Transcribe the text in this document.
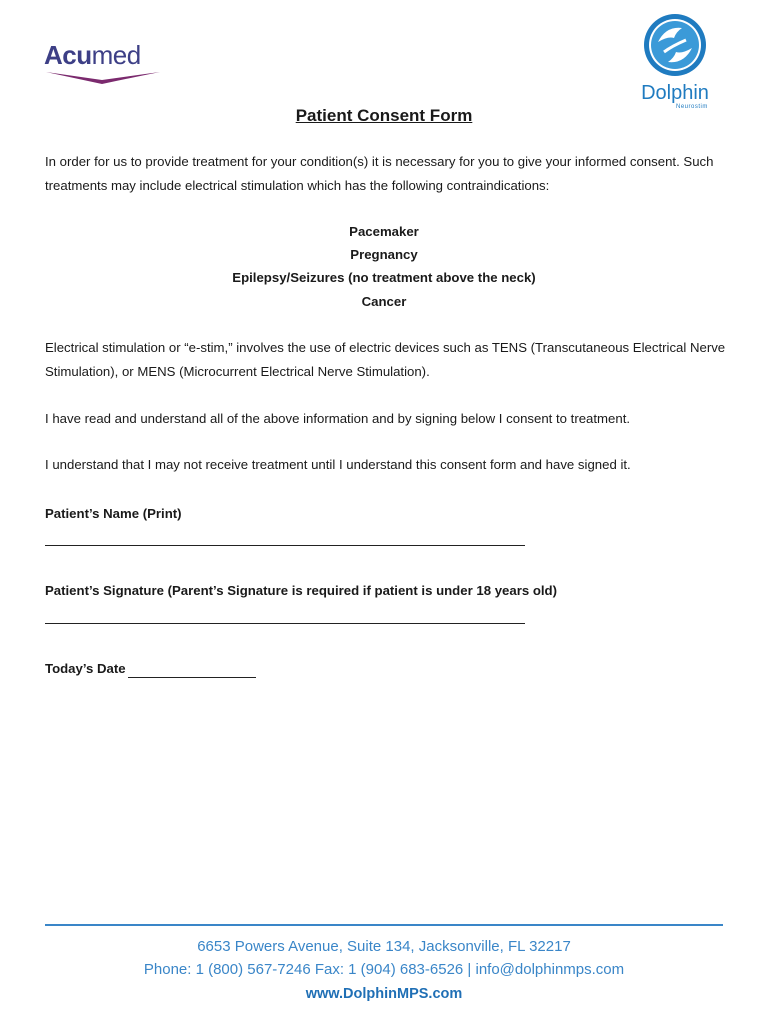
Acumed
Dolphin
Neurostim
Patient Consent Form
In order for us to provide treatment for your condition(s) it is necessary for you to give your informed consent. Such treatments may include electrical stimulation which has the following contraindications:
Pacemaker
Pregnancy
Epilepsy/Seizures (no treatment above the neck)
Cancer
Electrical stimulation or “e-stim,” involves the use of electric devices such as TENS (Transcutaneous Electrical Nerve Stimulation), or MENS (Microcurrent Electrical Nerve Stimulation).
I have read and understand all of the above information and by signing below I consent to treatment.
I understand that I may not receive treatment until I understand this consent form and have signed it.
Patient’s Name (Print)
Patient’s Signature (Parent’s Signature is required if patient is under 18 years old)
Today’s Date
6653 Powers Avenue, Suite 134, Jacksonville, FL 32217
Phone: 1 (800) 567-7246 Fax: 1 (904) 683-6526 | info@dolphinmps.com
www.DolphinMPS.com
